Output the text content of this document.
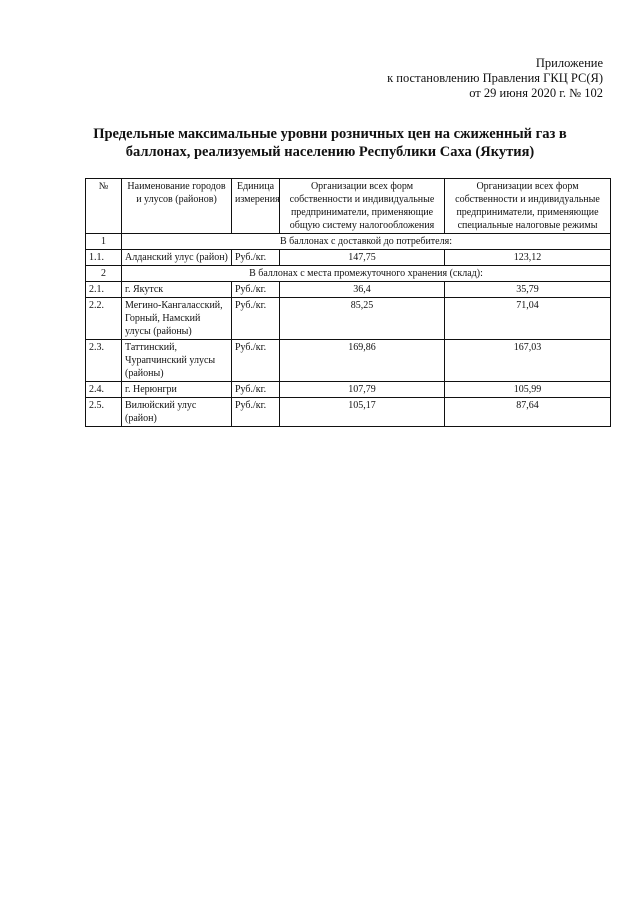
Приложение
к постановлению Правления ГКЦ РС(Я)
от 29 июня 2020 г. № 102
Предельные максимальные уровни розничных цен на сжиженный газ в
баллонах, реализуемый населению Республики Саха (Якутия)
№	Наименование городов и улусов (районов)	Единица измерения	Организации всех форм собственности и индивидуальные предприниматели, применяющие общую систему налогообложения	Организации всех форм собственности и индивидуальные предприниматели, применяющие специальные налоговые режимы
1	В баллонах с доставкой до потребителя:			
1.1.	Алданский улус (район)	Руб./кг.	147,75	123,12
2	В баллонах с места промежуточного хранения (склад):			
2.1.	г. Якутск	Руб./кг.	36,4	35,79
2.2.	Мегино-Кангаласский, Горный, Намский улусы (районы)	Руб./кг.	85,25	71,04
2.3.	Таттинский, Чурапчинский улусы (районы)	Руб./кг.	169,86	167,03
2.4.	г. Нерюнгри	Руб./кг.	107,79	105,99
2.5.	Вилюйский улус (район)	Руб./кг.	105,17	87,64
